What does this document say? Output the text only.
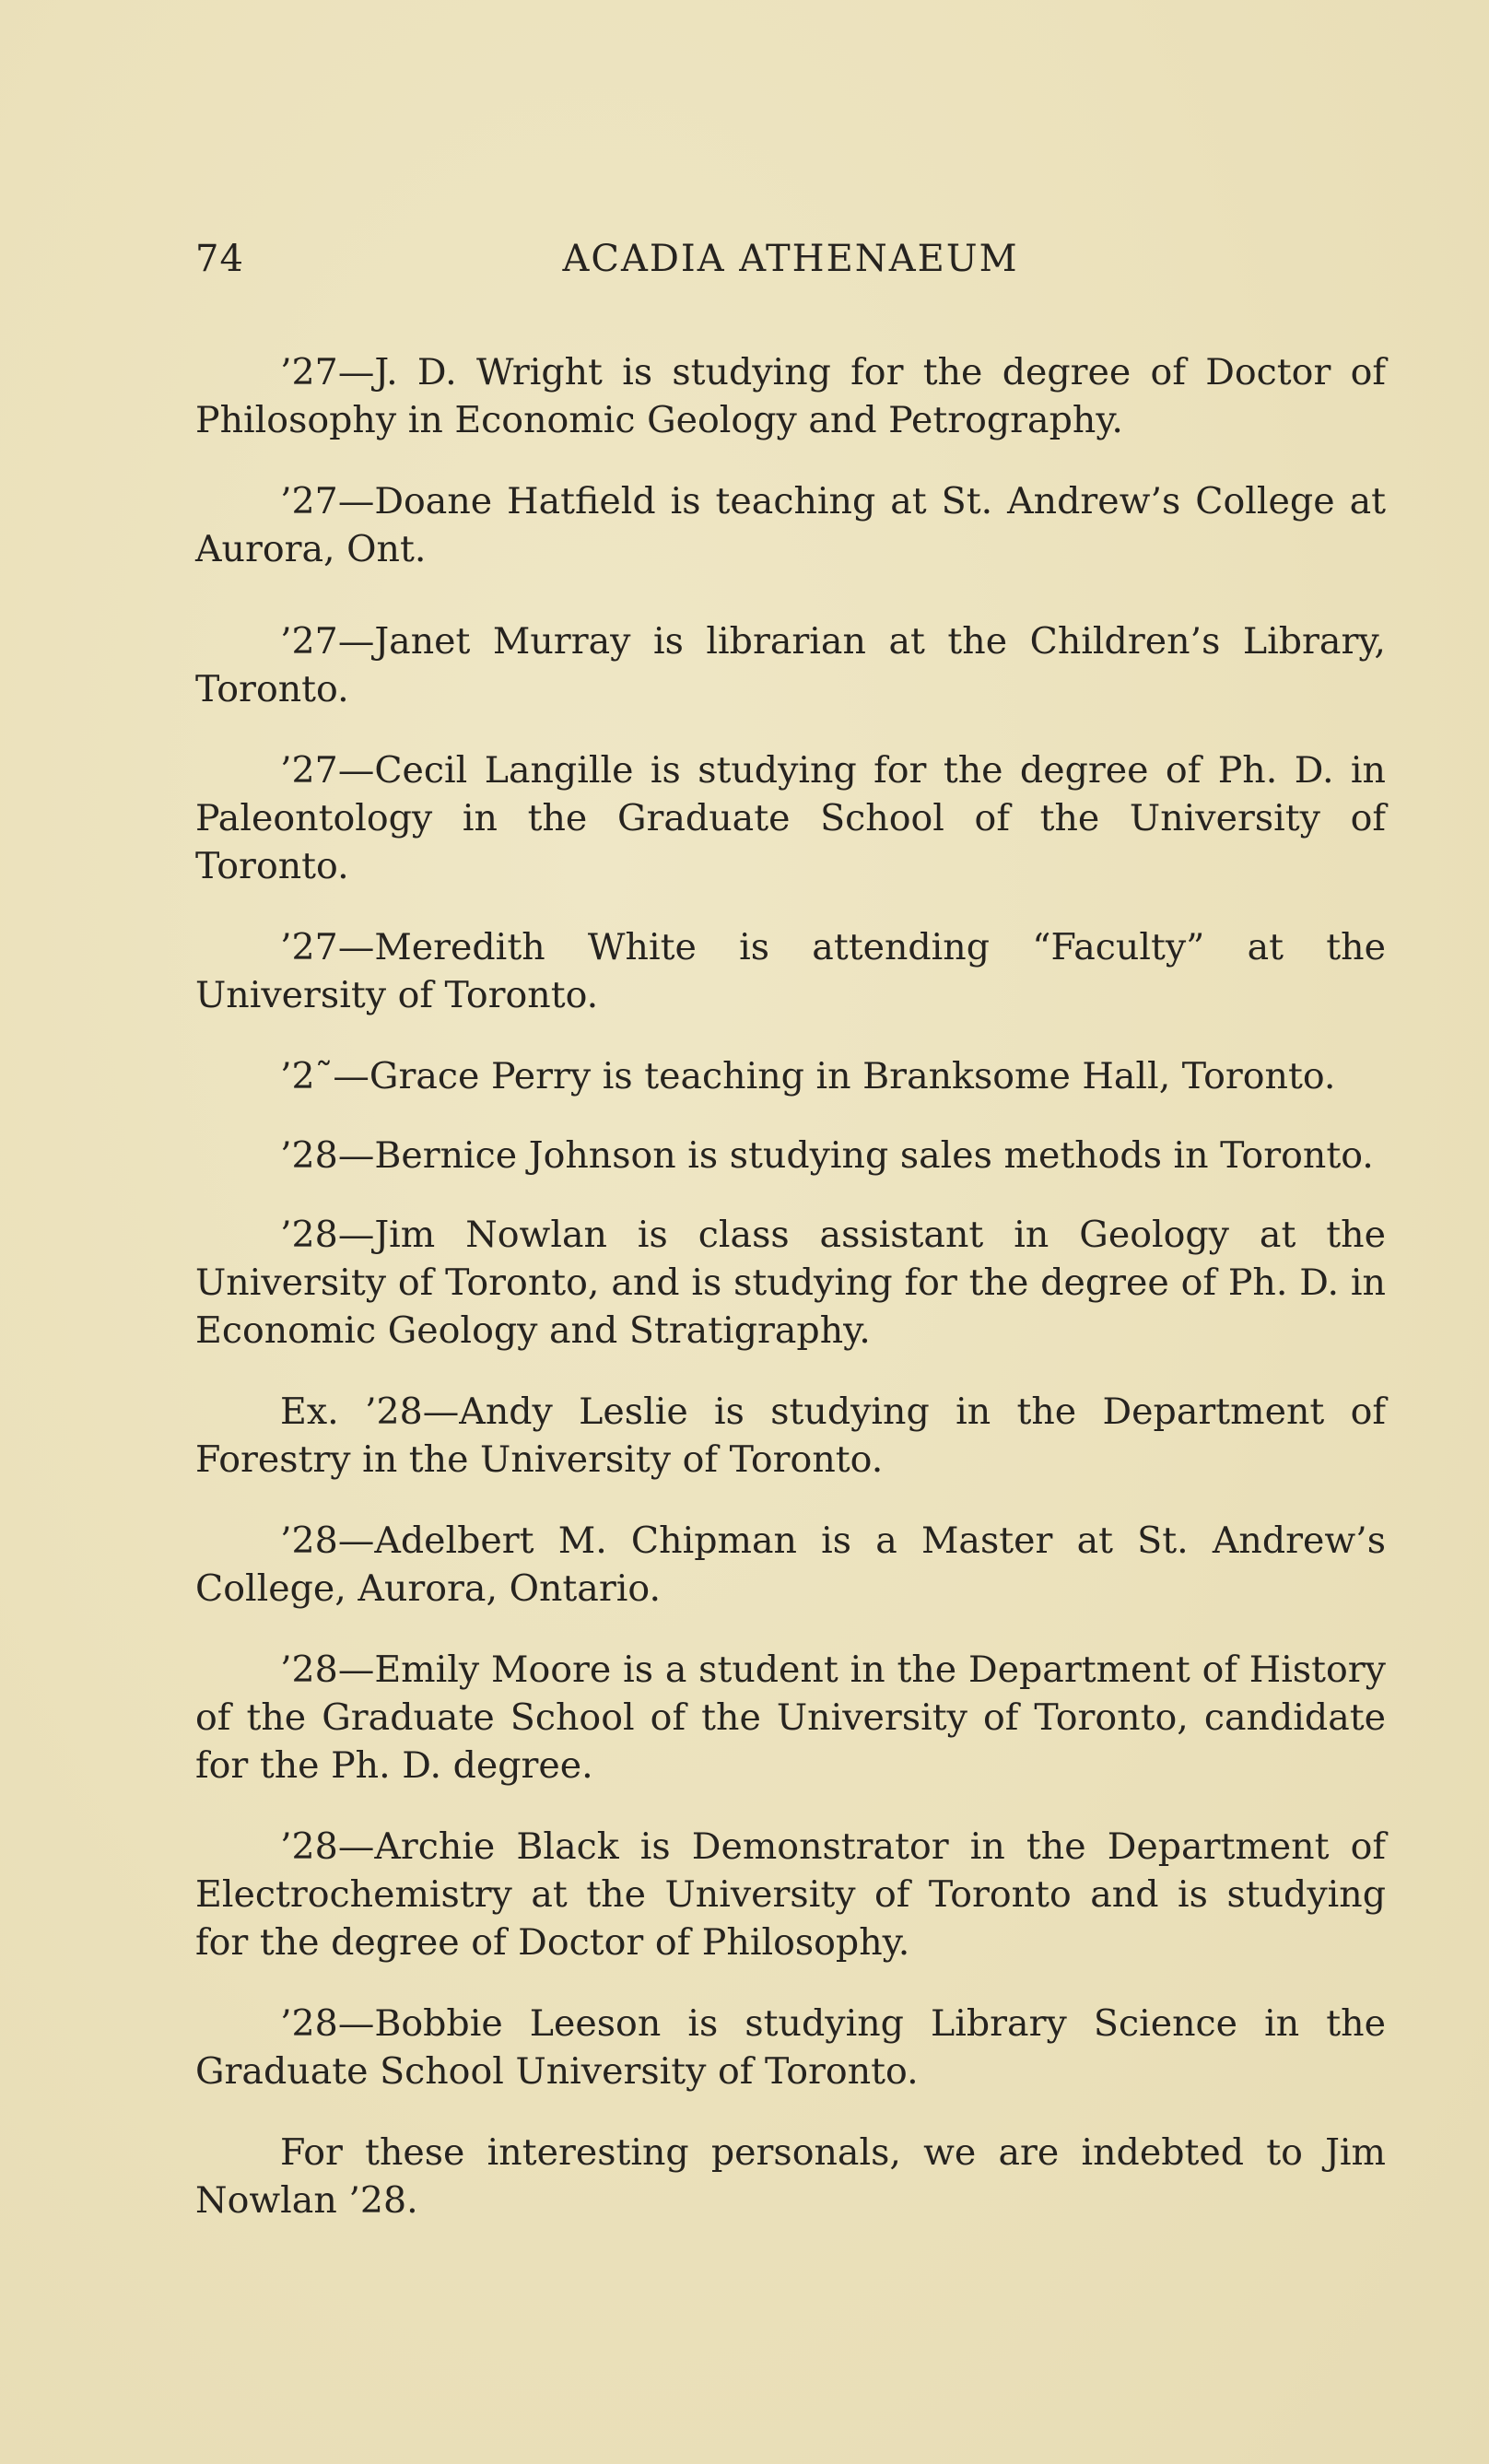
74	ACADIA ATHENAEUM

’27—J. D. Wright is studying for the degree of Doctor of Philosophy in Economic Geology and Petrography.

’27—Doane Hatfield is teaching at St. Andrew’s College at Aurora, Ont.

’27—Janet Murray is librarian at the Children’s Library, Toronto.

’27—Cecil Langille is studying for the degree of Ph. D. in Paleontology in the Graduate School of the University of Toronto.

’27—Meredith White is attending “Faculty” at the University of Toronto.

’2˜—Grace Perry is teaching in Branksome Hall, Toronto.

’28—Bernice Johnson is studying sales methods in Toronto.

’28—Jim Nowlan is class assistant in Geology at the University of Toronto, and is studying for the degree of Ph. D. in Economic Geology and Stratigraphy.

Ex. ’28—Andy Leslie is studying in the Department of Forestry in the University of Toronto.

’28—Adelbert M. Chipman is a Master at St. Andrew’s College, Aurora, Ontario.

’28—Emily Moore is a student in the Department of History of the Graduate School of the University of Toronto, candidate for the Ph. D. degree.

’28—Archie Black is Demonstrator in the Department of Electrochemistry at the University of Toronto and is studying for the degree of Doctor of Philosophy.

’28—Bobbie Leeson is studying Library Science in the Graduate School University of Toronto.

For these interesting personals, we are indebted to Jim Nowlan ’28.
